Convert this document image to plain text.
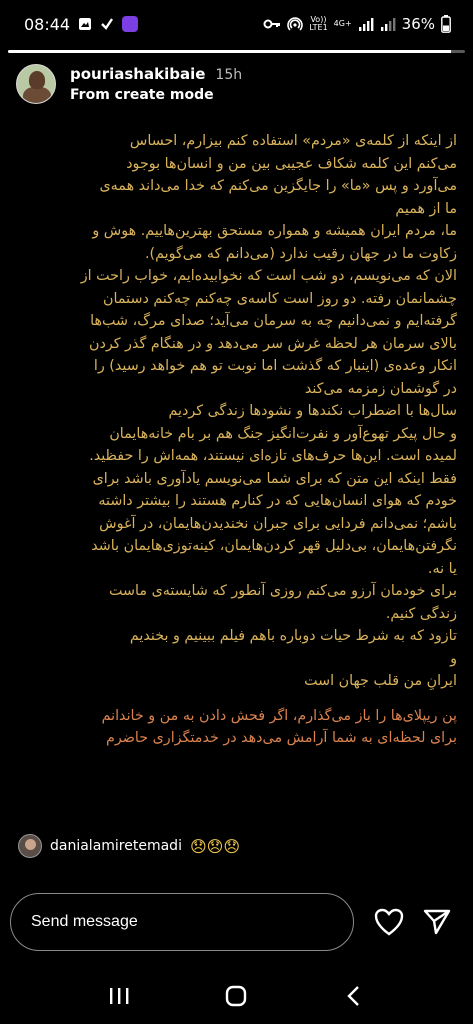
08:44	Vo))
LTE1 4G+	36%
pouriashakibaie 15h
From create mode

از اینکه از کلمه‌ی «مردم» استفاده کنم بیزارم، احساس

می‌کنم این کلمه شکاف عجیبی بین من و انسان‌ها بوجود

می‌آورد و پس «ما» را جایگزین می‌کنم که خدا می‌داند همه‌ی

ما از همیم

ما، مردم ایران همیشه و همواره مستحق بهترین‌هاییم. هوش و

زکاوت ما در جهان رقیب ندارد (می‌دانم که می‌گویم).

الان که می‌نویسم، دو شب است که نخوابیده‌ایم، خواب راحت از

چشمانمان رفته. دو روز است کاسه‌ی چه‌کنم چه‌کنم دستمان

گرفته‌ایم و نمی‌دانیم چه به سرمان می‌آید؛ صدای مرگ، شب‌ها

بالای سرمان هر لحظه غرش سر می‌دهد و در هنگام گذر کردن

انکار وعده‌ی (اینبار که گذشت اما نوبت تو هم خواهد رسید) را

در گوشمان زمزمه می‌کند

سال‌ها با اضطراب نکندها و نشودها زندگی کردیم

و حال پیکر تهوع‌آور و نفرت‌انگیز جنگ هم بر بام خانه‌هایمان

لمیده است. این‌ها حرف‌های تازه‌ای نیستند، همه‌اش را حفظید.

فقط اینکه این متن که برای شما می‌نویسم یادآوری باشد برای

خودم که هوای انسان‌هایی که در کنارم هستند را بیشتر داشته

باشم؛ نمی‌دانم فردایی برای جبران نخندیدن‌هایمان، در آغوش

نگرفتن‌هایمان، بی‌دلیل قهر کردن‌هایمان، کینه‌توزی‌هایمان باشد

یا نه.

برای خودمان آرزو می‌کنم روزی آنطور که شایسته‌ی ماست

زندگی کنیم.

تازود که به شرط حیات دوباره باهم فیلم ببینیم و بخندیم

و

ایرانِ من قلب جهان است

پن ریپلای‌ها را باز می‌گذارم، اگر فحش دادن به من و خاندانم

برای لحظه‌ای به شما آرامش می‌دهد در خدمتگزاری حاضرم

danialamiretemadi 😞😞😞
Send message
